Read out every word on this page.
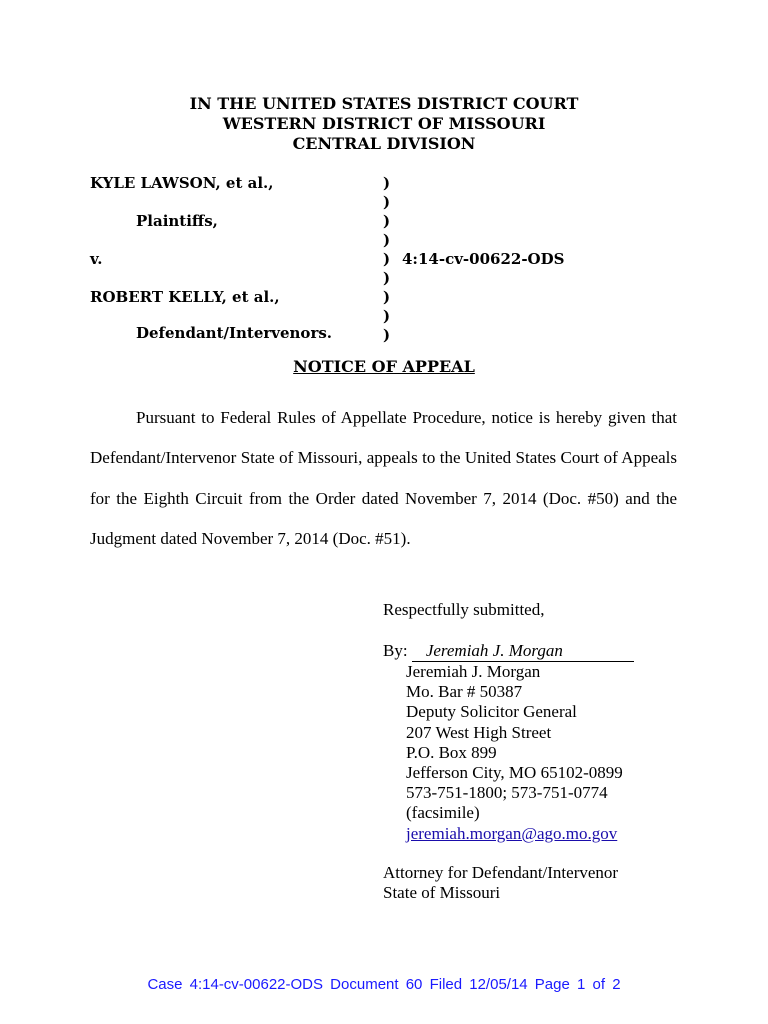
IN THE UNITED STATES DISTRICT COURT
WESTERN DISTRICT OF MISSOURI
CENTRAL DIVISION
KYLE LAWSON, et al.,
Plaintiffs,
v.
ROBERT KELLY, et al.,
Defendant/Intervenors.
)
)
)
)
)
)
)
)
)
4:14-cv-00622-ODS
NOTICE OF APPEAL

Pursuant to Federal Rules of Appellate Procedure, notice is hereby given that Defendant/Intervenor State of Missouri, appeals to the United States Court of Appeals for the Eighth Circuit from the Order dated November 7, 2014 (Doc. #50) and the Judgment dated November 7, 2014 (Doc. #51).

Respectfully submitted,
By: Jeremiah J. Morgan
Jeremiah J. Morgan
Mo. Bar # 50387
Deputy Solicitor General
207 West High Street
P.O. Box 899
Jefferson City, MO 65102-0899
573-751-1800; 573-751-0774
(facsimile)
jeremiah.morgan@ago.mo.gov
Attorney for Defendant/Intervenor
State of Missouri
Case 4:14-cv-00622-ODS Document 60 Filed 12/05/14 Page 1 of 2
